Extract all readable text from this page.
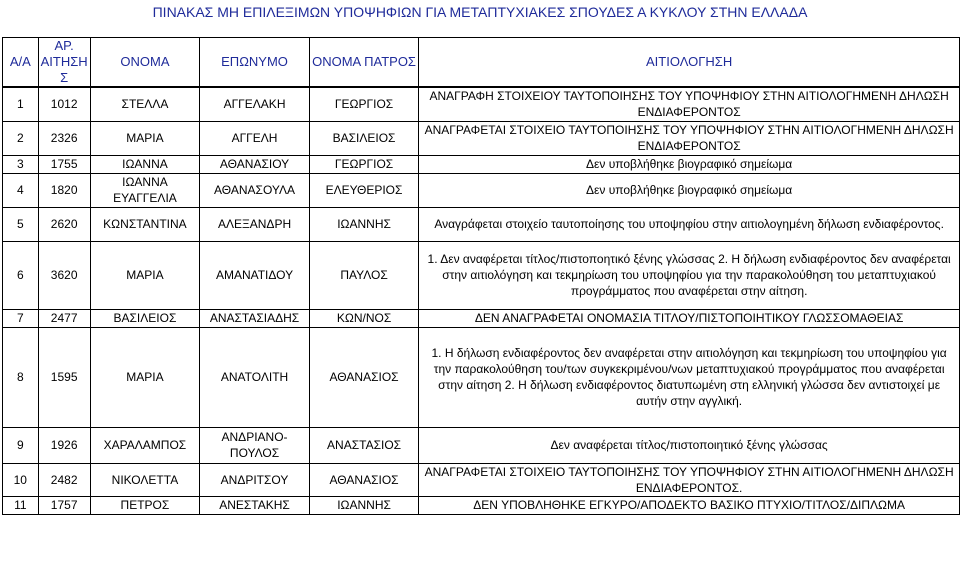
ΠΙΝΑΚΑΣ ΜΗ ΕΠΙΛΕΞΙΜΩΝ ΥΠΟΨΗΦΙΩΝ ΓΙΑ ΜΕΤΑΠΤΥΧΙΑΚΕΣ ΣΠΟΥΔΕΣ Α ΚΥΚΛΟΥ ΣΤΗΝ ΕΛΛΑΔΑ
Α/Α	ΑΡ. ΑΙΤΗΣΗ Σ	ΟΝΟΜΑ	ΕΠΩΝΥΜΟ	ΟΝΟΜΑ ΠΑΤΡΟΣ	ΑΙΤΙΟΛΟΓΗΣΗ
1	1012	ΣΤΕΛΛΑ	ΑΓΓΕΛΑΚΗ	ΓΕΩΡΓΙΟΣ	ΑΝΑΓΡΑΦΗ ΣΤΟΙΧΕΙΟΥ ΤΑΥΤΟΠΟΙΗΣΗΣ ΤΟΥ ΥΠΟΨΗΦΙΟΥ ΣΤΗΝ ΑΙΤΙΟΛΟΓΗΜΕΝΗ ΔΗΛΩΣΗ ΕΝΔΙΑΦΕΡΟΝΤΟΣ
2	2326	ΜΑΡΙΑ	ΑΓΓΕΛΗ	ΒΑΣΙΛΕΙΟΣ	ΑΝΑΓΡΑΦΕΤΑΙ ΣΤΟΙΧΕΙΟ ΤΑΥΤΟΠΟΙΗΣΗΣ ΤΟΥ ΥΠΟΨΗΦΙΟΥ ΣΤΗΝ ΑΙΤΙΟΛΟΓΗΜΕΝΗ ΔΗΛΩΣΗ ΕΝΔΙΑΦΕΡΟΝΤΟΣ
3	1755	ΙΩΑΝΝΑ	ΑΘΑΝΑΣΙΟΥ	ΓΕΩΡΓΙΟΣ	Δεν υποβλήθηκε βιογραφικό σημείωμα
4	1820	ΙΩΑΝΝΑ ΕΥΑΓΓΕΛΙΑ	ΑΘΑΝΑΣΟΥΛΑ	ΕΛΕΥΘΕΡΙΟΣ	Δεν υποβλήθηκε βιογραφικό σημείωμα
5	2620	ΚΩΝΣΤΑΝΤΙΝΑ	ΑΛΕΞΑΝΔΡΗ	ΙΩΑΝΝΗΣ	Αναγράφεται στοιχείο ταυτοποίησης του υποψηφίου στην αιτιολογημένη δήλωση ενδιαφέροντος.
6	3620	ΜΑΡΙΑ	ΑΜΑΝΑΤΙΔΟΥ	ΠΑΥΛΟΣ	1. Δεν αναφέρεται τίτλος/πιστοποητικό ξένης γλώσσας 2. Η δήλωση ενδιαφέροντος δεν αναφέρεται στην αιτιολόγηση και τεκμηρίωση του υποψηφίου για την παρακολούθηση του μεταπτυχιακού προγράμματος που αναφέρεται στην αίτηση.
7	2477	ΒΑΣΙΛΕΙΟΣ	ΑΝΑΣΤΑΣΙΑΔΗΣ	ΚΩΝ/ΝΟΣ	ΔΕΝ ΑΝΑΓΡΑΦΕΤΑΙ ΟΝΟΜΑΣΙΑ ΤΙΤΛΟΥ/ΠΙΣΤΟΠΟΙΗΤΙΚΟΥ ΓΛΩΣΣΟΜΑΘΕΙΑΣ
8	1595	ΜΑΡΙΑ	ΑΝΑΤΟΛΙΤΗ	ΑΘΑΝΑΣΙΟΣ	1. Η δήλωση ενδιαφέροντος δεν αναφέρεται στην αιτιολόγηση και τεκμηρίωση του υποψηφίου για την παρακολούθηση του/των συγκεκριμένου/νων μεταπτυχιακού προγράμματος που αναφέρεται στην αίτηση 2. Η δήλωση ενδιαφέροντος διατυπωμένη στη ελληνική γλώσσα δεν αντιστοιχεί με αυτήν στην αγγλική.
9	1926	ΧΑΡΑΛΑΜΠΟΣ	ΑΝΔΡΙΑΝΟ- ΠΟΥΛΟΣ	ΑΝΑΣΤΑΣΙΟΣ	Δεν αναφέρεται τίτλος/πιστοποιητικό ξένης γλώσσας
10	2482	ΝΙΚΟΛΕΤΤΑ	ΑΝΔΡΙΤΣΟΥ	ΑΘΑΝΑΣΙΟΣ	ΑΝΑΓΡΑΦΕΤΑΙ ΣΤΟΙΧΕΙΟ ΤΑΥΤΟΠΟΙΗΣΗΣ ΤΟΥ ΥΠΟΨΗΦΙΟΥ ΣΤΗΝ ΑΙΤΙΟΛΟΓΗΜΕΝΗ ΔΗΛΩΣΗ ΕΝΔΙΑΦΕΡΟΝΤΟΣ.
11	1757	ΠΕΤΡΟΣ	ΑΝΕΣΤΑΚΗΣ	ΙΩΑΝΝΗΣ	ΔΕΝ ΥΠΟΒΛΗΘΗΚΕ ΕΓΚΥΡΟ/ΑΠΟΔΕΚΤΟ ΒΑΣΙΚΟ ΠΤΥΧΙΟ/ΤΙΤΛΟΣ/ΔΙΠΛΩΜΑ
